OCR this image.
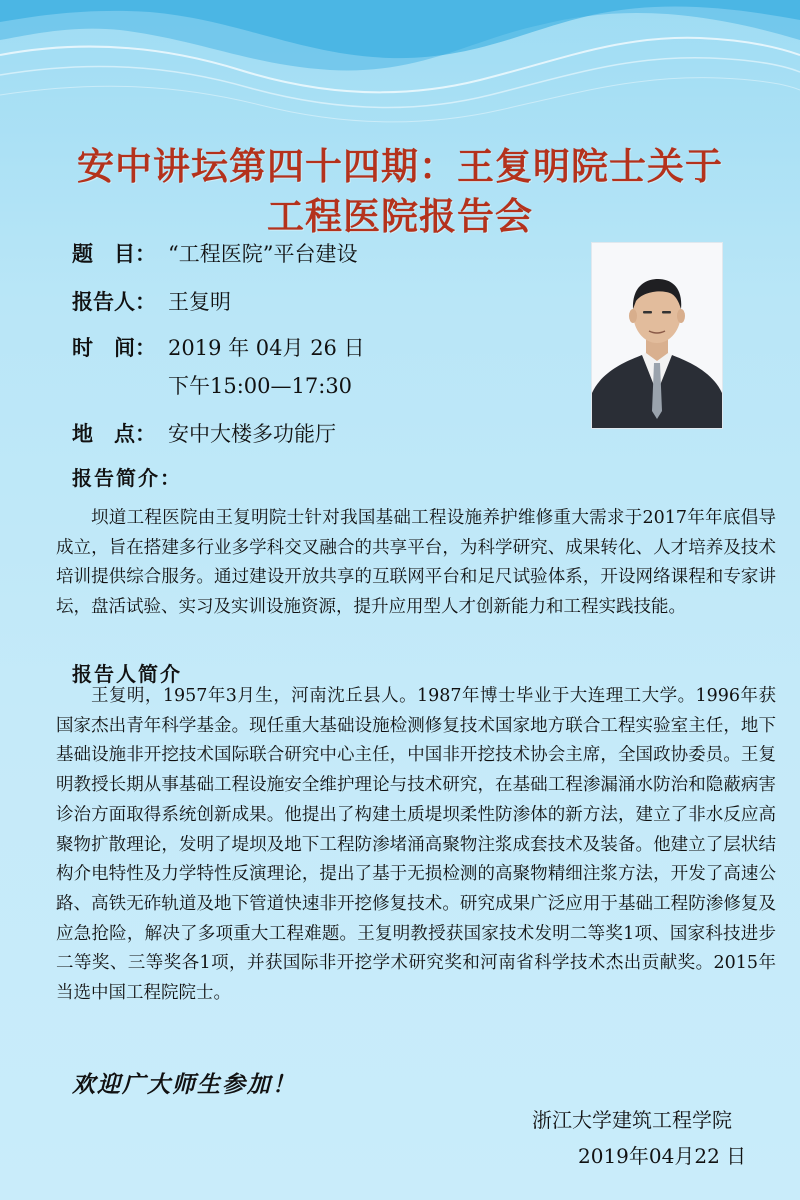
安中讲坛第四十四期：王复明院士关于
工程医院报告会
题　目： “工程医院”平台建设
报告人： 王复明
时　间： 2019 年 04月 26 日
下午15:00—17:30
地　点： 安中大楼多功能厅
报告简介：
坝道工程医院由王复明院士针对我国基础工程设施养护维修重大需求于2017年年底倡导成立，旨在搭建多行业多学科交叉融合的共享平台，为科学研究、成果转化、人才培养及技术培训提供综合服务。通过建设开放共享的互联网平台和足尺试验体系，开设网络课程和专家讲坛，盘活试验、实习及实训设施资源，提升应用型人才创新能力和工程实践技能。
报告人简介
王复明，1957年3月生，河南沈丘县人。1987年博士毕业于大连理工大学。1996年获国家杰出青年科学基金。现任重大基础设施检测修复技术国家地方联合工程实验室主任，地下基础设施非开挖技术国际联合研究中心主任，中国非开挖技术协会主席，全国政协委员。王复明教授长期从事基础工程设施安全维护理论与技术研究，在基础工程渗漏涌水防治和隐蔽病害诊治方面取得系统创新成果。他提出了构建土质堤坝柔性防渗体的新方法，建立了非水反应高聚物扩散理论，发明了堤坝及地下工程防渗堵涌高聚物注浆成套技术及装备。他建立了层状结构介电特性及力学特性反演理论，提出了基于无损检测的高聚物精细注浆方法，开发了高速公路、高铁无砟轨道及地下管道快速非开挖修复技术。研究成果广泛应用于基础工程防渗修复及应急抢险，解决了多项重大工程难题。王复明教授获国家技术发明二等奖1项、国家科技进步二等奖、三等奖各1项，并获国际非开挖学术研究奖和河南省科学技术杰出贡献奖。2015年当选中国工程院院士。
欢迎广大师生参加！
浙江大学建筑工程学院
2019年04月22 日
